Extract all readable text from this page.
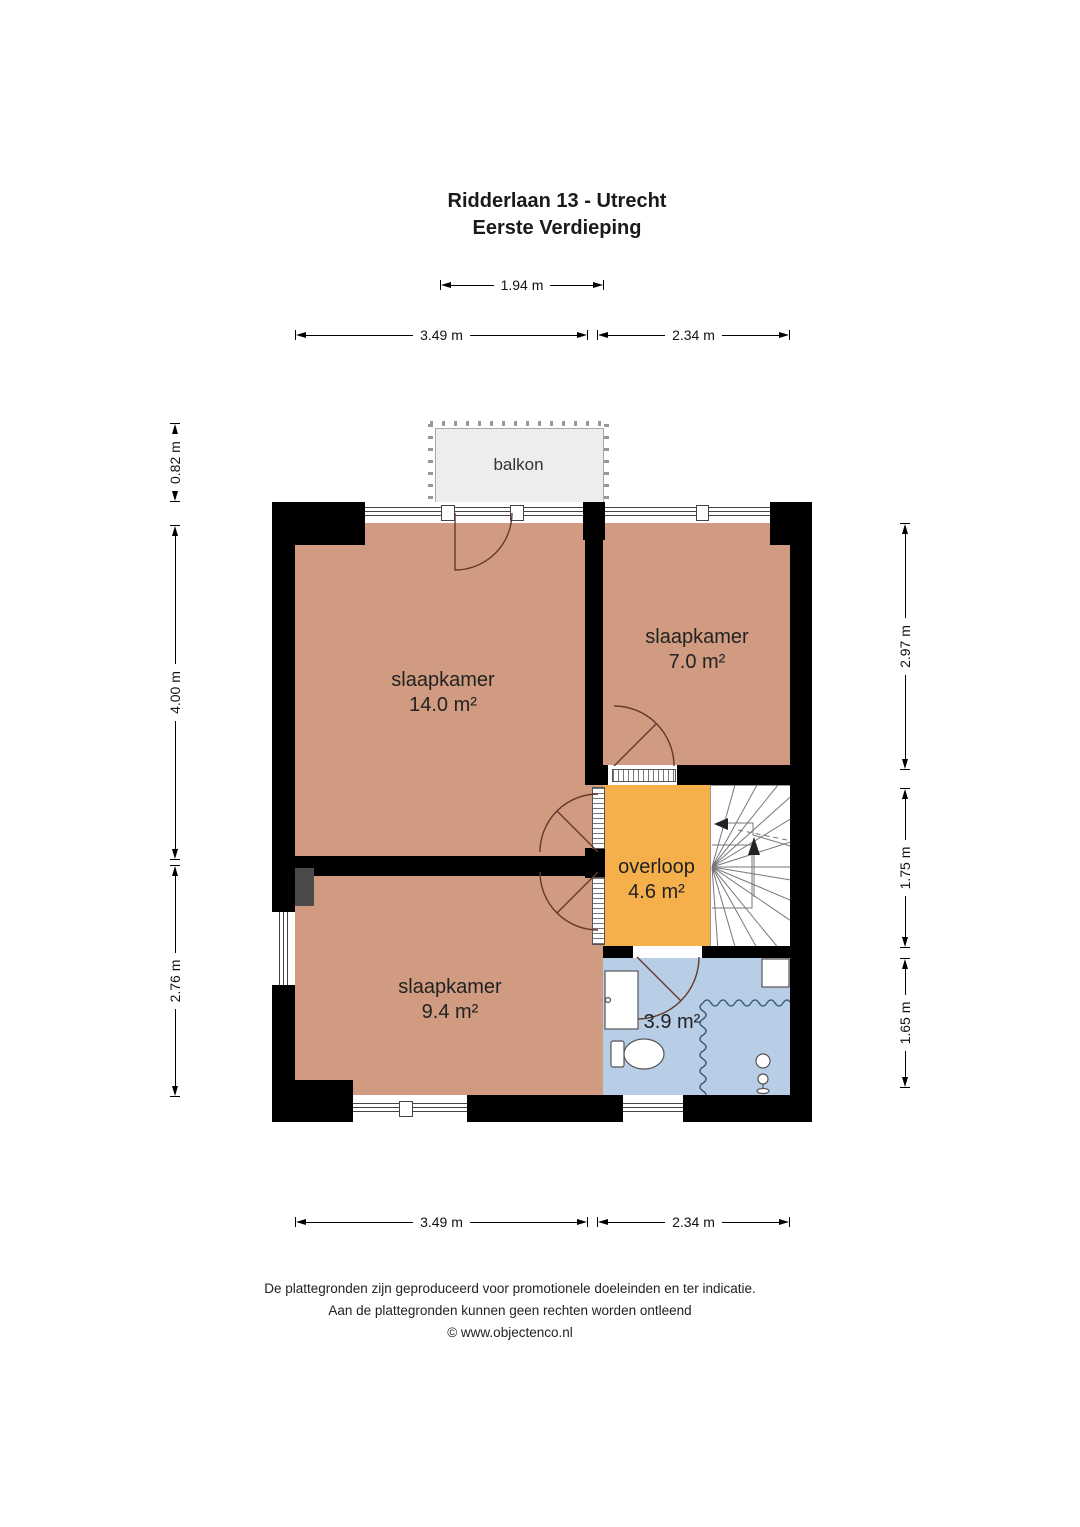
Ridderlaan 13 - Utrecht
Eerste Verdieping
1.94 m
3.49 m	2.34 m
0.82 m
4.00 m
2.76 m
2.97 m
1.75 m
1.65 m
3.49 m	2.34 m
balkon
slaapkamer
14.0 m²
slaapkamer
7.0 m²
slaapkamer
9.4 m²
overloop
4.6 m²
3.9 m²
De plattegronden zijn geproduceerd voor promotionele doeleinden en ter indicatie.
Aan de plattegronden kunnen geen rechten worden ontleend
© www.objectenco.nl
